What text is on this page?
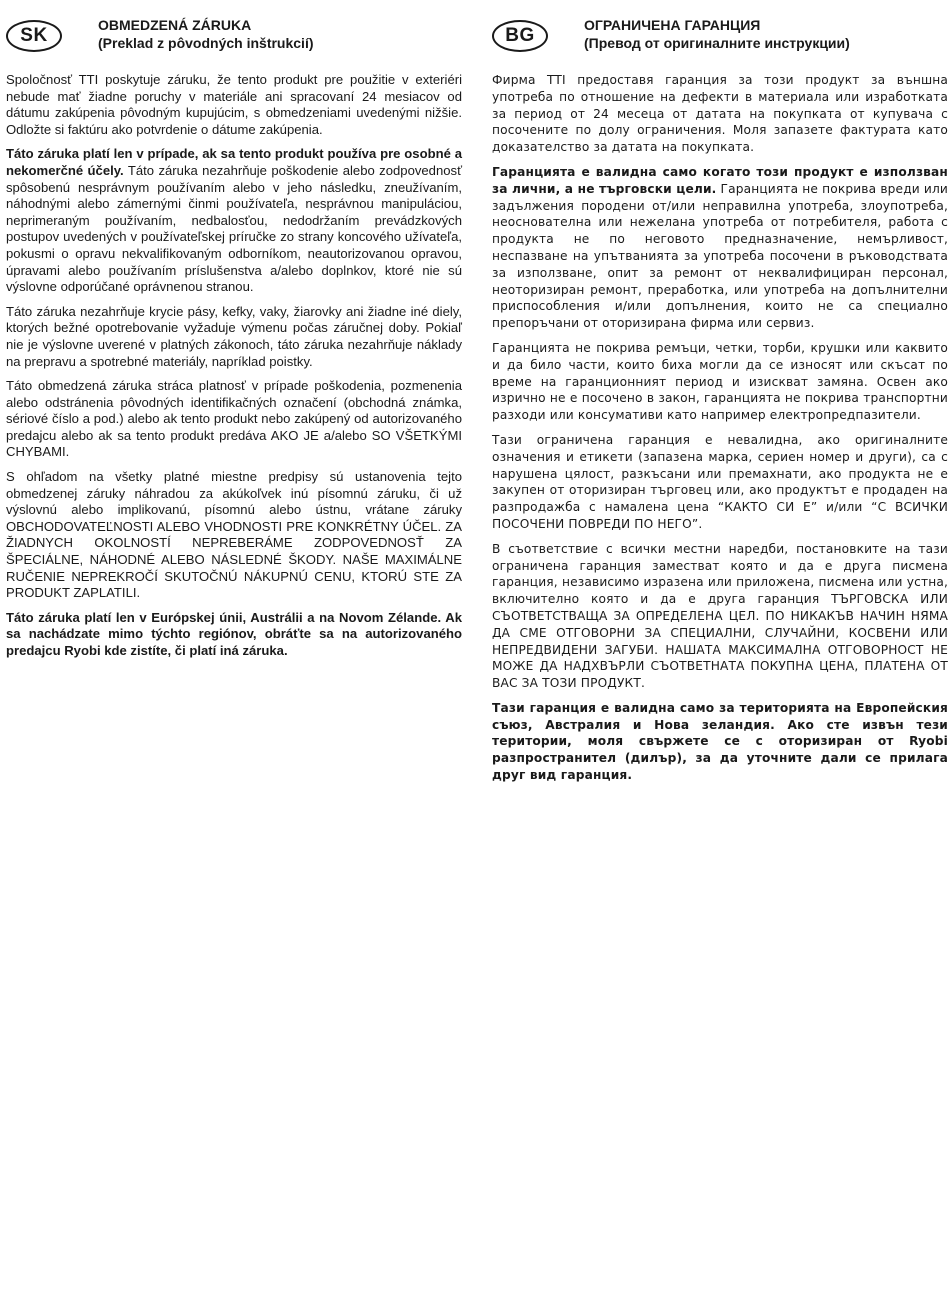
SK	OBMEDZENÁ ZÁRUKA

(Preklad z pôvodných inštrukcií)

Spoločnosť TTI poskytuje záruku, že tento produkt pre použitie v exteriéri nebude mať žiadne poruchy v materiále ani spracovaní 24 mesiacov od dátumu zakúpenia pôvodným kupujúcim, s obmedzeniami uvedenými nižšie. Odložte si faktúru ako potvrdenie o dátume zakúpenia.

Táto záruka platí len v prípade, ak sa tento produkt používa pre osobné a nekomerčné účely. Táto záruka nezahrňuje poškodenie alebo zodpovednosť spôsobenú nesprávnym používaním alebo v jeho následku, zneužívaním, náhodnými alebo zámernými činmi používateľa, nesprávnou manipuláciou, neprimeraným používaním, nedbalosťou, nedodržaním prevádzkových postupov uvedených v používateľskej príručke zo strany koncového užívateľa, pokusmi o opravu nekvalifikovaným odborníkom, neautorizovanou opravou, úpravami alebo používaním príslušenstva a/alebo doplnkov, ktoré nie sú výslovne odporúčané oprávnenou stranou.

Táto záruka nezahrňuje krycie pásy, kefky, vaky, žiarovky ani žiadne iné diely, ktorých bežné opotrebovanie vyžaduje výmenu počas záručnej doby. Pokiaľ nie je výslovne uverené v platných zákonoch, táto záruka nezahrňuje náklady na prepravu a spotrebné materiály, napríklad poistky.

Táto obmedzená záruka stráca platnosť v prípade poškodenia, pozmenenia alebo odstránenia pôvodných identifikačných označení (obchodná známka, sériové číslo a pod.) alebo ak tento produkt nebo zakúpený od autorizovaného predajcu alebo ak sa tento produkt predáva AKO JE a/alebo SO VŠETKÝMI CHYBAMI.

S ohľadom na všetky platné miestne predpisy sú ustanovenia tejto obmedzenej záruky náhradou za akúkoľvek inú písomnú záruku, či už výslovnú alebo implikovanú, písomnú alebo ústnu, vrátane záruky OBCHODOVATEĽNOSTI ALEBO VHODNOSTI PRE KONKRÉTNY ÚČEL. ZA ŽIADNYCH OKOLNOSTÍ NEPREBERÁME ZODPOVEDNOSŤ ZA ŠPECIÁLNE, NÁHODNÉ ALEBO NÁSLEDNÉ ŠKODY. NAŠE MAXIMÁLNE RUČENIE NEPREKROČÍ SKUTOČNÚ NÁKUPNÚ CENU, KTORÚ STE ZA PRODUKT ZAPLATILI.

Táto záruka platí len v Európskej únii, Austrálii a na Novom Zélande. Ak sa nachádzate mimo týchto regiónov, obráťte sa na autorizovaného predajcu Ryobi kde zistíte, či platí iná záruka.

BG	ОГРАНИЧЕНА ГАРАНЦИЯ

(Превод от оригиналните инструкции)

Фирма TTI предоставя гаранция за този продукт за външна употреба по отношение на дефекти в материала или изработката за период от 24 месеца от датата на покупката от купувача с посочените по долу ограничения. Моля запазете фактурата като доказателство за датата на покупката.

Гаранцията е валидна само когато този продукт е използван за лични, а не търговски цели. Гаранцията не покрива вреди или задължения породени от/или неправилна употреба, злоупотреба, неоснователна или нежелана употреба от потребителя, работа с продукта не по неговото предназначение, немърливост, неспазване на упътванията за употреба посочени в ръководствата за използване, опит за ремонт от неквалифициран персонал, неоторизиран ремонт, преработка, или употреба на допълнителни приспособления и/или допълнения, които не са специално препоръчани от оторизирана фирма или сервиз.

Гаранцията не покрива ремъци, четки, торби, крушки или каквито и да било части, които биха могли да се износят или скъсат по време на гаранционният период и изискват замяна. Освен ако изрично не е посочено в закон, гаранцията не покрива транспортни разходи или консумативи като например електропредпазители.

Тази ограничена гаранция е невалидна, ако оригиналните означения и етикети (запазена марка, сериен номер и други), са с нарушена цялост, разкъсани или премахнати, ако продукта не е закупен от оторизиран търговец или, ако продуктът е продаден на разпродажба с намалена цена “КАКТО СИ Е” и/или “С ВСИЧКИ ПОСОЧЕНИ ПОВРЕДИ ПО НЕГО”.

В съответствие с всички местни наредби, постановките на тази ограничена гаранция заместват която и да е друга писмена гаранция, независимо изразена или приложена, писмена или устна, включително която и да е друга гаранция ТЪРГОВСКА ИЛИ СЪОТВЕТСТВАЩА ЗА ОПРЕДЕЛЕНА ЦЕЛ. ПО НИКАКЪВ НАЧИН НЯМА ДА СМЕ ОТГОВОРНИ ЗА СПЕЦИАЛНИ, СЛУЧАЙНИ, КОСВЕНИ ИЛИ НЕПРЕДВИДЕНИ ЗАГУБИ. НАШАТА МАКСИМАЛНА ОТГОВОРНОСТ НЕ МОЖЕ ДА НАДХВЪРЛИ СЪОТВЕТНАТА ПОКУПНА ЦЕНА, ПЛАТЕНА ОТ ВАС ЗА ТОЗИ ПРОДУКТ.

Тази гаранция е валидна само за територията на Европейския съюз, Австралия и Нова зеландия. Ако сте извън тези територии, моля свържете се с оторизиран от Ryobi разпространител (дилър), за да уточните дали се прилага друг вид гаранция.
